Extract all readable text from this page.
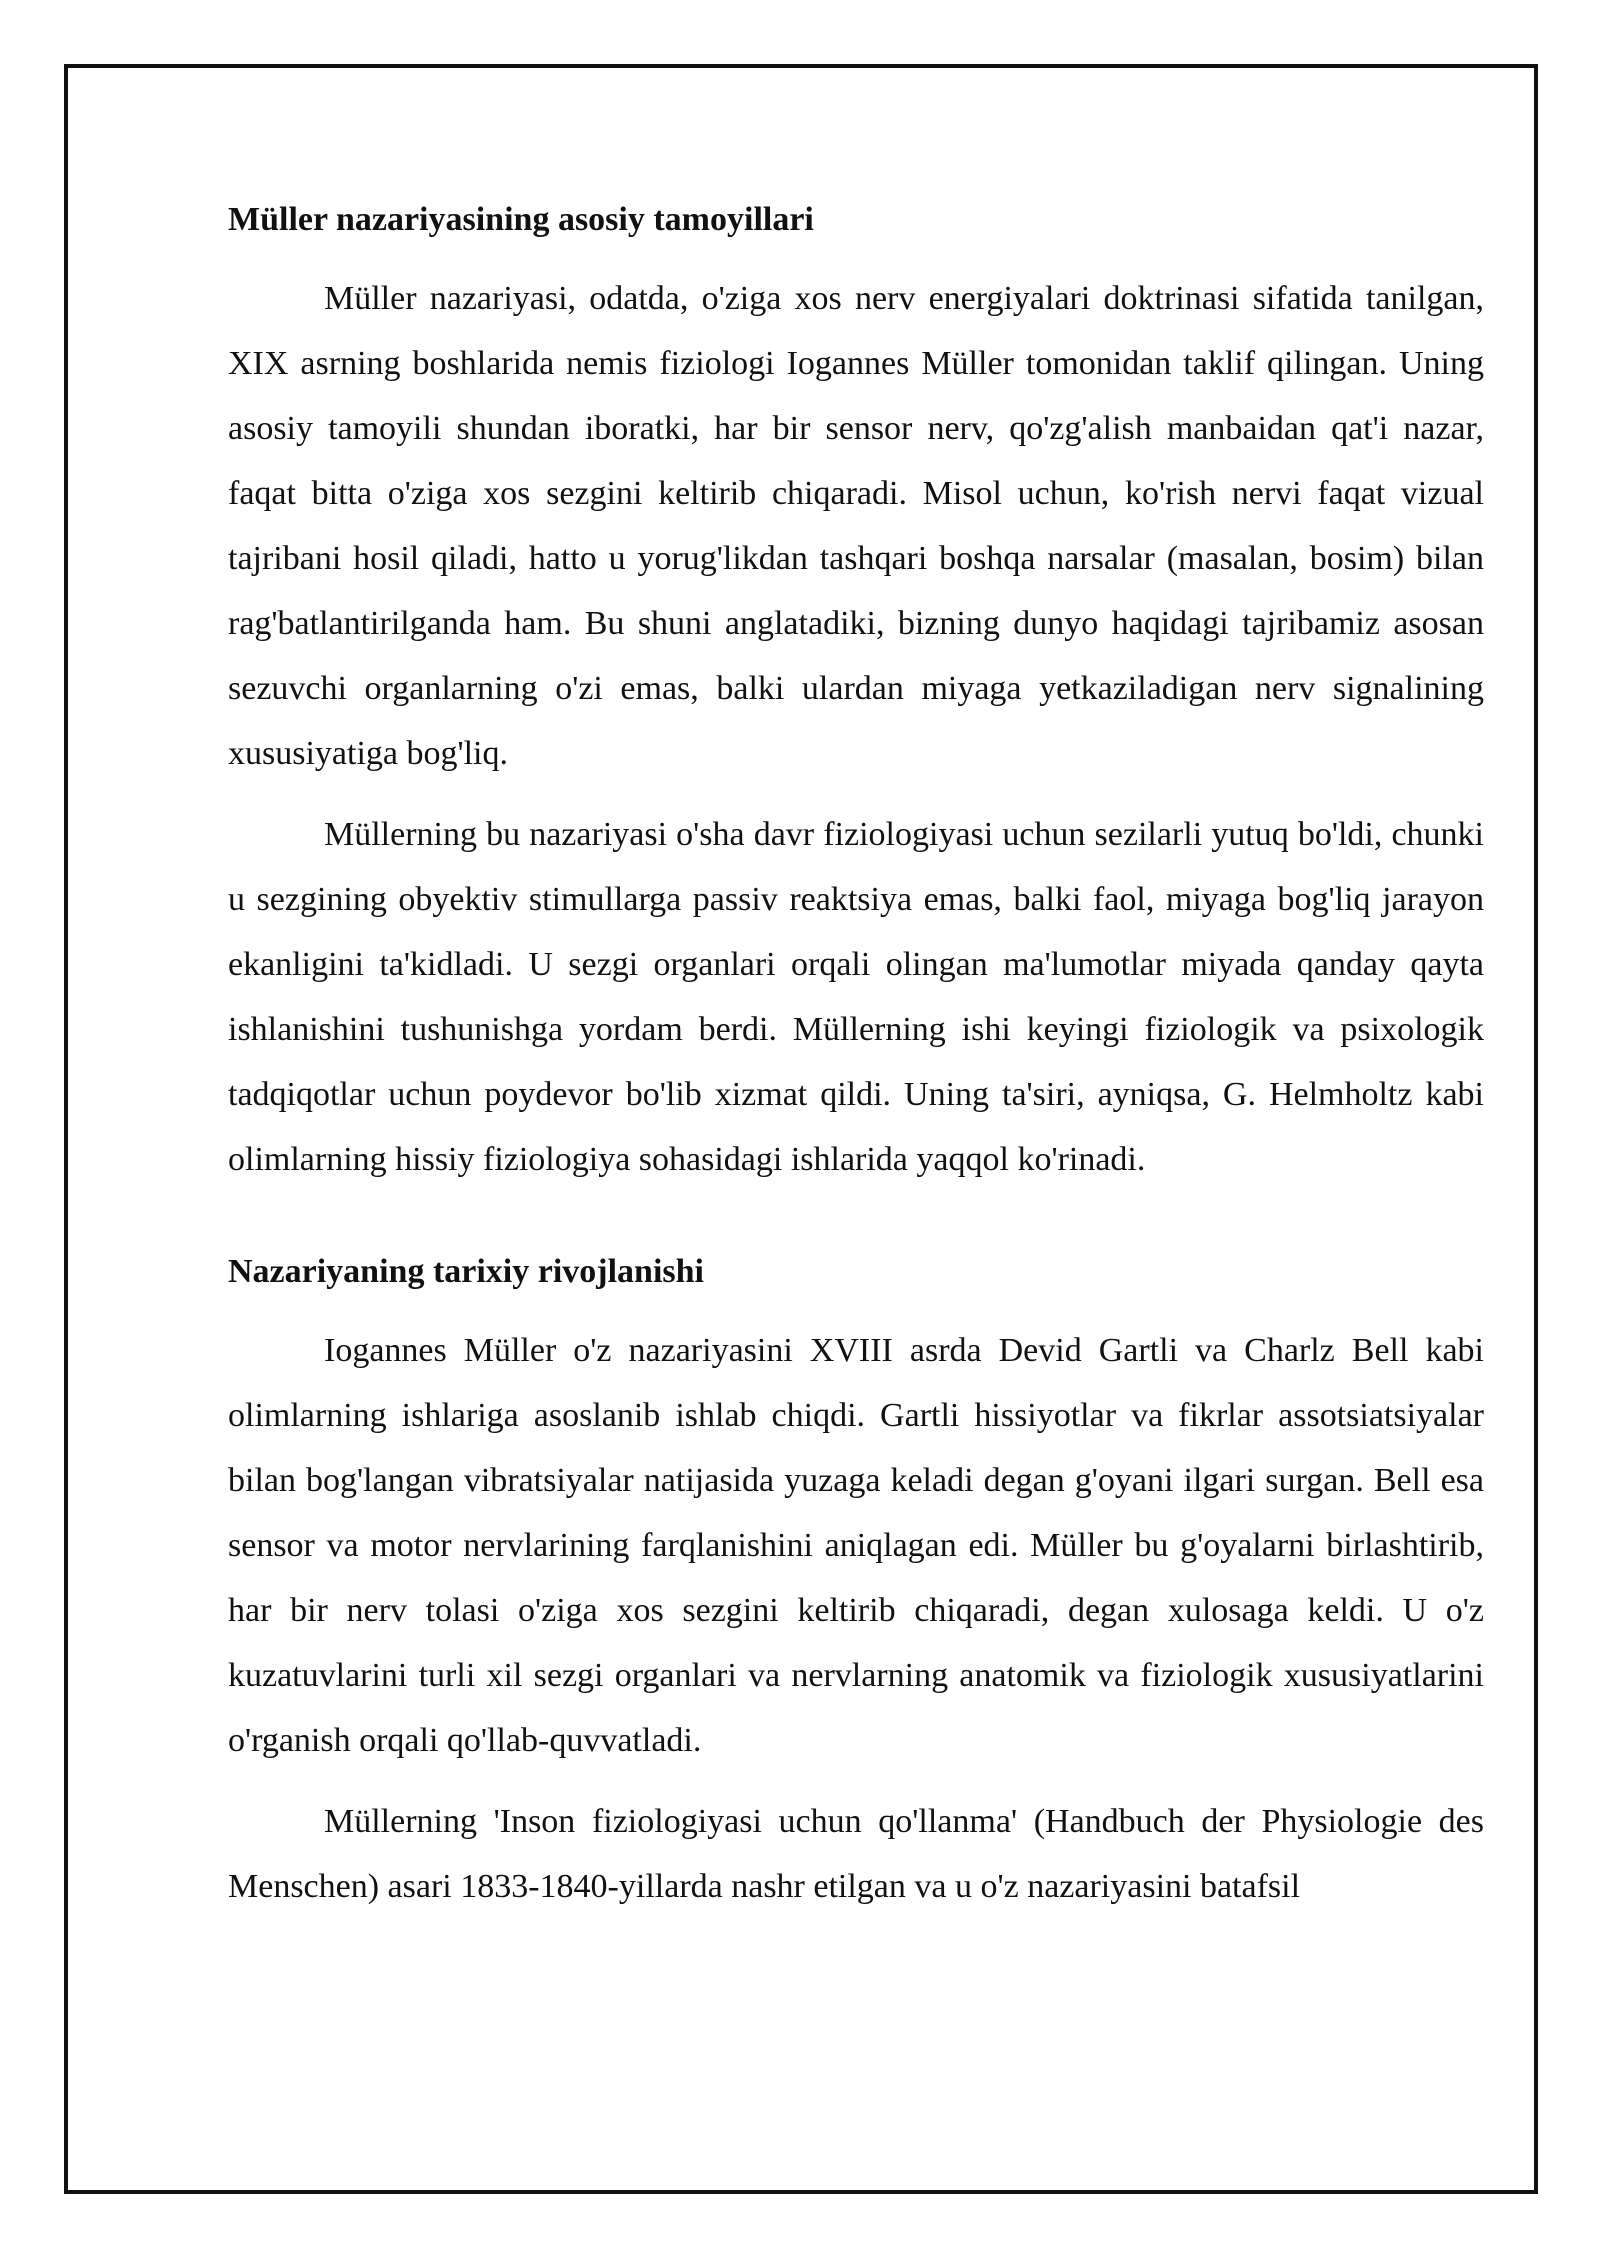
Müller nazariyasining asosiy tamoyillari

Müller nazariyasi, odatda, o'ziga xos nerv energiyalari doktrinasi sifatida tanilgan, XIX asrning boshlarida nemis fiziologi Iogannes Müller tomonidan taklif qilingan. Uning asosiy tamoyili shundan iboratki, har bir sensor nerv, qo'zg'alish manbaidan qat'i nazar, faqat bitta o'ziga xos sezgini keltirib chiqaradi. Misol uchun, ko'rish nervi faqat vizual tajribani hosil qiladi, hatto u yorug'likdan tashqari boshqa narsalar (masalan, bosim) bilan rag'batlantirilganda ham. Bu shuni anglatadiki, bizning dunyo haqidagi tajribamiz asosan sezuvchi organlarning o'zi emas, balki ulardan miyaga yetkaziladigan nerv signalining xususiyatiga bog'liq.

Müllerning bu nazariyasi o'sha davr fiziologiyasi uchun sezilarli yutuq bo'ldi, chunki u sezgining obyektiv stimullarga passiv reaktsiya emas, balki faol, miyaga bog'liq jarayon ekanligini ta'kidladi. U sezgi organlari orqali olingan ma'lumotlar miyada qanday qayta ishlanishini tushunishga yordam berdi. Müllerning ishi keyingi fiziologik va psixologik tadqiqotlar uchun poydevor bo'lib xizmat qildi. Uning ta'siri, ayniqsa, G. Helmholtz kabi olimlarning hissiy fiziologiya sohasidagi ishlarida yaqqol ko'rinadi.

Nazariyaning tarixiy rivojlanishi

Iogannes Müller o'z nazariyasini XVIII asrda Devid Gartli va Charlz Bell kabi olimlarning ishlariga asoslanib ishlab chiqdi. Gartli hissiyotlar va fikrlar assotsiatsiyalar bilan bog'langan vibratsiyalar natijasida yuzaga keladi degan g'oyani ilgari surgan. Bell esa sensor va motor nervlarining farqlanishini aniqlagan edi. Müller bu g'oyalarni birlashtirib, har bir nerv tolasi o'ziga xos sezgini keltirib chiqaradi, degan xulosaga keldi. U o'z kuzatuvlarini turli xil sezgi organlari va nervlarning anatomik va fiziologik xususiyatlarini o'rganish orqali qo'llab-quvvatladi.

Müllerning 'Inson fiziologiyasi uchun qo'llanma' (Handbuch der Physiologie des Menschen) asari 1833-1840-yillarda nashr etilgan va u o'z nazariyasini batafsil
